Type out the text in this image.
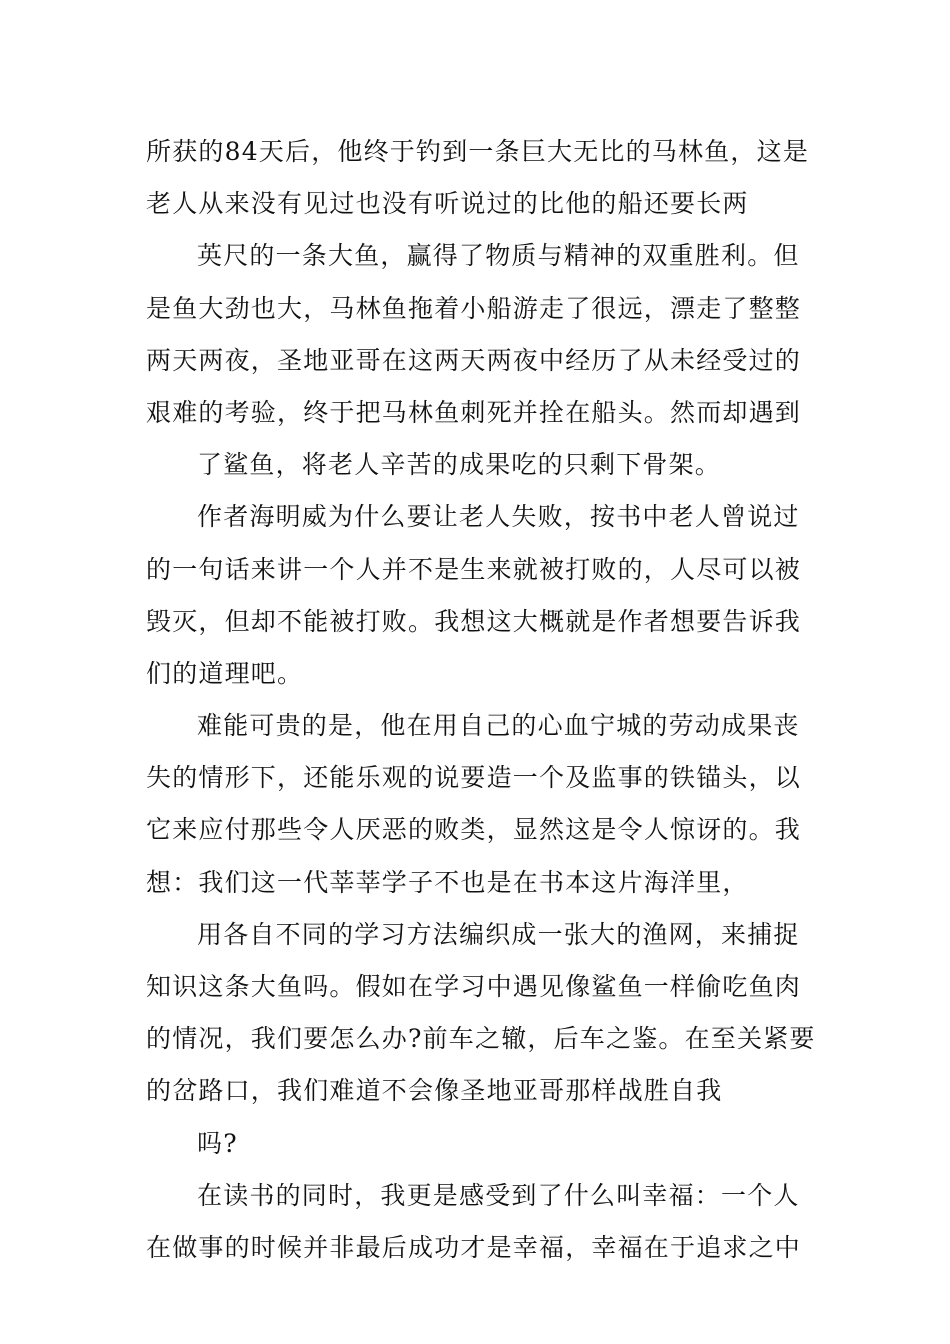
所获的84天后，他终于钓到一条巨大无比的马林鱼，这是
老人从来没有见过也没有听说过的比他的船还要长两
英尺的一条大鱼，赢得了物质与精神的双重胜利。但
是鱼大劲也大，马林鱼拖着小船游走了很远，漂走了整整
两天两夜，圣地亚哥在这两天两夜中经历了从未经受过的
艰难的考验，终于把马林鱼刺死并拴在船头。然而却遇到
了鲨鱼，将老人辛苦的成果吃的只剩下骨架。
作者海明威为什么要让老人失败，按书中老人曾说过
的一句话来讲一个人并不是生来就被打败的，人尽可以被
毁灭，但却不能被打败。我想这大概就是作者想要告诉我
们的道理吧。
难能可贵的是，他在用自己的心血宁城的劳动成果丧
失的情形下，还能乐观的说要造一个及监事的铁锚头，以
它来应付那些令人厌恶的败类，显然这是令人惊讶的。我
想：我们这一代莘莘学子不也是在书本这片海洋里，
用各自不同的学习方法编织成一张大的渔网，来捕捉
知识这条大鱼吗。假如在学习中遇见像鲨鱼一样偷吃鱼肉
的情况，我们要怎么办?前车之辙，后车之鉴。在至关紧要
的岔路口，我们难道不会像圣地亚哥那样战胜自我
吗?
在读书的同时，我更是感受到了什么叫幸福：一个人
在做事的时候并非最后成功才是幸福，幸福在于追求之中
